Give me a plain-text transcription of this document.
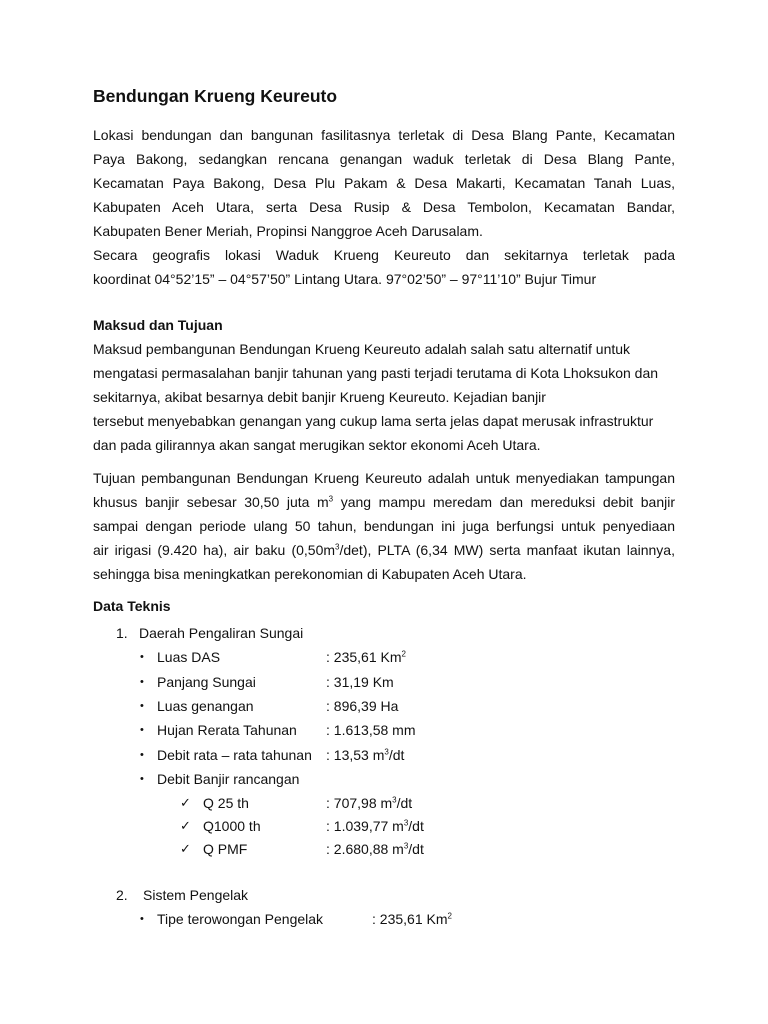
Bendungan Krueng Keureuto
Lokasi bendungan dan bangunan fasilitasnya terletak di Desa Blang Pante, Kecamatan
Paya Bakong, sedangkan rencana genangan waduk terletak di Desa Blang Pante,
Kecamatan Paya Bakong, Desa Plu Pakam & Desa Makarti, Kecamatan Tanah Luas,
Kabupaten Aceh Utara, serta Desa Rusip & Desa Tembolon, Kecamatan Bandar,
Kabupaten Bener Meriah, Propinsi Nanggroe Aceh Darusalam.
Secara geografis lokasi Waduk Krueng Keureuto dan sekitarnya terletak pada
koordinat 04°52’15” – 04°57’50” Lintang Utara. 97°02’50” – 97°11’10” Bujur Timur
Maksud dan Tujuan
Maksud pembangunan Bendungan Krueng Keureuto adalah salah satu alternatif untuk
mengatasi permasalahan banjir tahunan yang pasti terjadi terutama di Kota Lhoksukon dan
sekitarnya, akibat besarnya debit banjir Krueng Keureuto. Kejadian banjir
tersebut menyebabkan genangan yang cukup lama serta jelas dapat merusak infrastruktur
dan pada gilirannya akan sangat merugikan sektor ekonomi Aceh Utara.
Tujuan pembangunan Bendungan Krueng Keureuto adalah untuk menyediakan tampungan
khusus banjir sebesar 30,50 juta $m^3$ yang mampu meredam dan mereduksi debit banjir
sampai dengan periode ulang 50 tahun, bendungan ini juga berfungsi untuk penyediaan
air irigasi (9.420 ha), air baku $(0,50m^3/\det)$, PLTA (6,34 MW) serta manfaat ikutan lainnya,
sehingga bisa meningkatkan perekonomian di Kabupaten Aceh Utara.
Data Teknis
1. Daerah Pengaliran Sungai
• Luas DAS	: 235,61 Km$^2$
• Panjang Sungai	: 31,19 Km
• Luas genangan	: 896,39 Ha
• Hujan Rerata Tahunan : 1.613,58 mm
• Debit rata – rata tahunan : 13,53 $m^3/dt$
• Debit Banjir rancangan
✓ Q 25 th	: 707,98 $m^3/dt$
✓ Q1000 th	: 1.039,77 $m^3/dt$
✓ Q PMF	: 2.680,88 $m^3/dt$
2. Sistem Pengelak
• Tipe terowongan Pengelak	: 235,61 Km$^2$
